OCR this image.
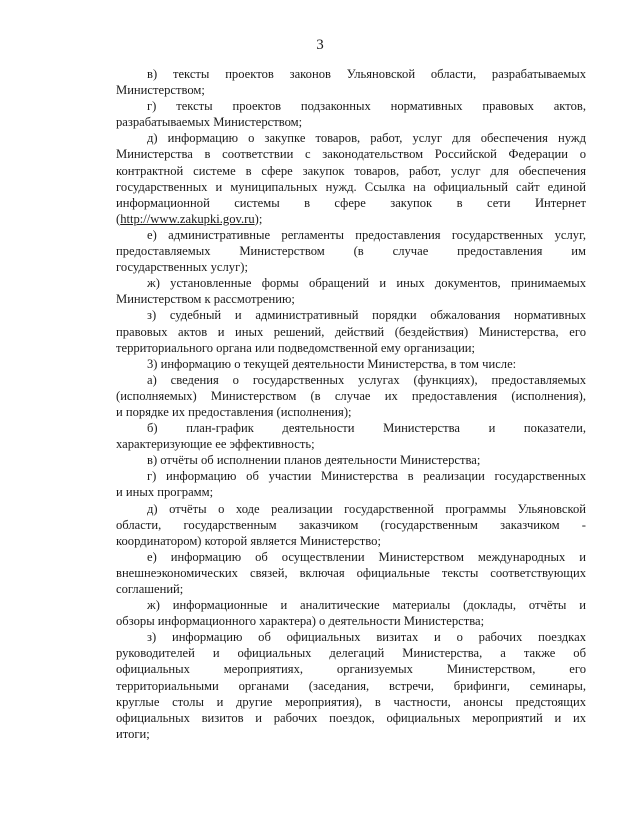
3
в) тексты проектов законов Ульяновской области, разрабатываемых
Министерством;
г) тексты проектов подзаконных нормативных правовых актов,
разрабатываемых Министерством;
д) информацию о закупке товаров, работ, услуг для обеспечения нужд
Министерства в соответствии с законодательством Российской Федерации о
контрактной системе в сфере закупок товаров, работ, услуг для обеспечения
государственных и муниципальных нужд. Ссылка на официальный сайт единой
информационной системы в сфере закупок в сети Интернет
(http://www.zakupki.gov.ru);
е) административные регламенты предоставления государственных услуг,
предоставляемых Министерством (в случае предоставления им
государственных услуг);
ж) установленные формы обращений и иных документов, принимаемых
Министерством к рассмотрению;
з) судебный и административный порядки обжалования нормативных
правовых актов и иных решений, действий (бездействия) Министерства, его
территориального органа или подведомственной ему организации;
3) информацию о текущей деятельности Министерства, в том числе:
а) сведения о государственных услугах (функциях), предоставляемых
(исполняемых) Министерством (в случае их предоставления (исполнения),
и порядке их предоставления (исполнения);
б) план-график деятельности Министерства и показатели,
характеризующие ее эффективность;
в) отчёты об исполнении планов деятельности Министерства;
г) информацию об участии Министерства в реализации государственных
и иных программ;
д) отчёты о ходе реализации государственной программы Ульяновской
области, государственным заказчиком (государственным заказчиком -
координатором) которой является Министерство;
е) информацию об осуществлении Министерством международных и
внешнеэкономических связей, включая официальные тексты соответствующих
соглашений;
ж) информационные и аналитические материалы (доклады, отчёты и
обзоры информационного характера) о деятельности Министерства;
з) информацию об официальных визитах и о рабочих поездках
руководителей и официальных делегаций Министерства, а также об
официальных мероприятиях, организуемых Министерством, его
территориальными органами (заседания, встречи, брифинги, семинары,
круглые столы и другие мероприятия), в частности, анонсы предстоящих
официальных визитов и рабочих поездок, официальных мероприятий и их
итоги;
